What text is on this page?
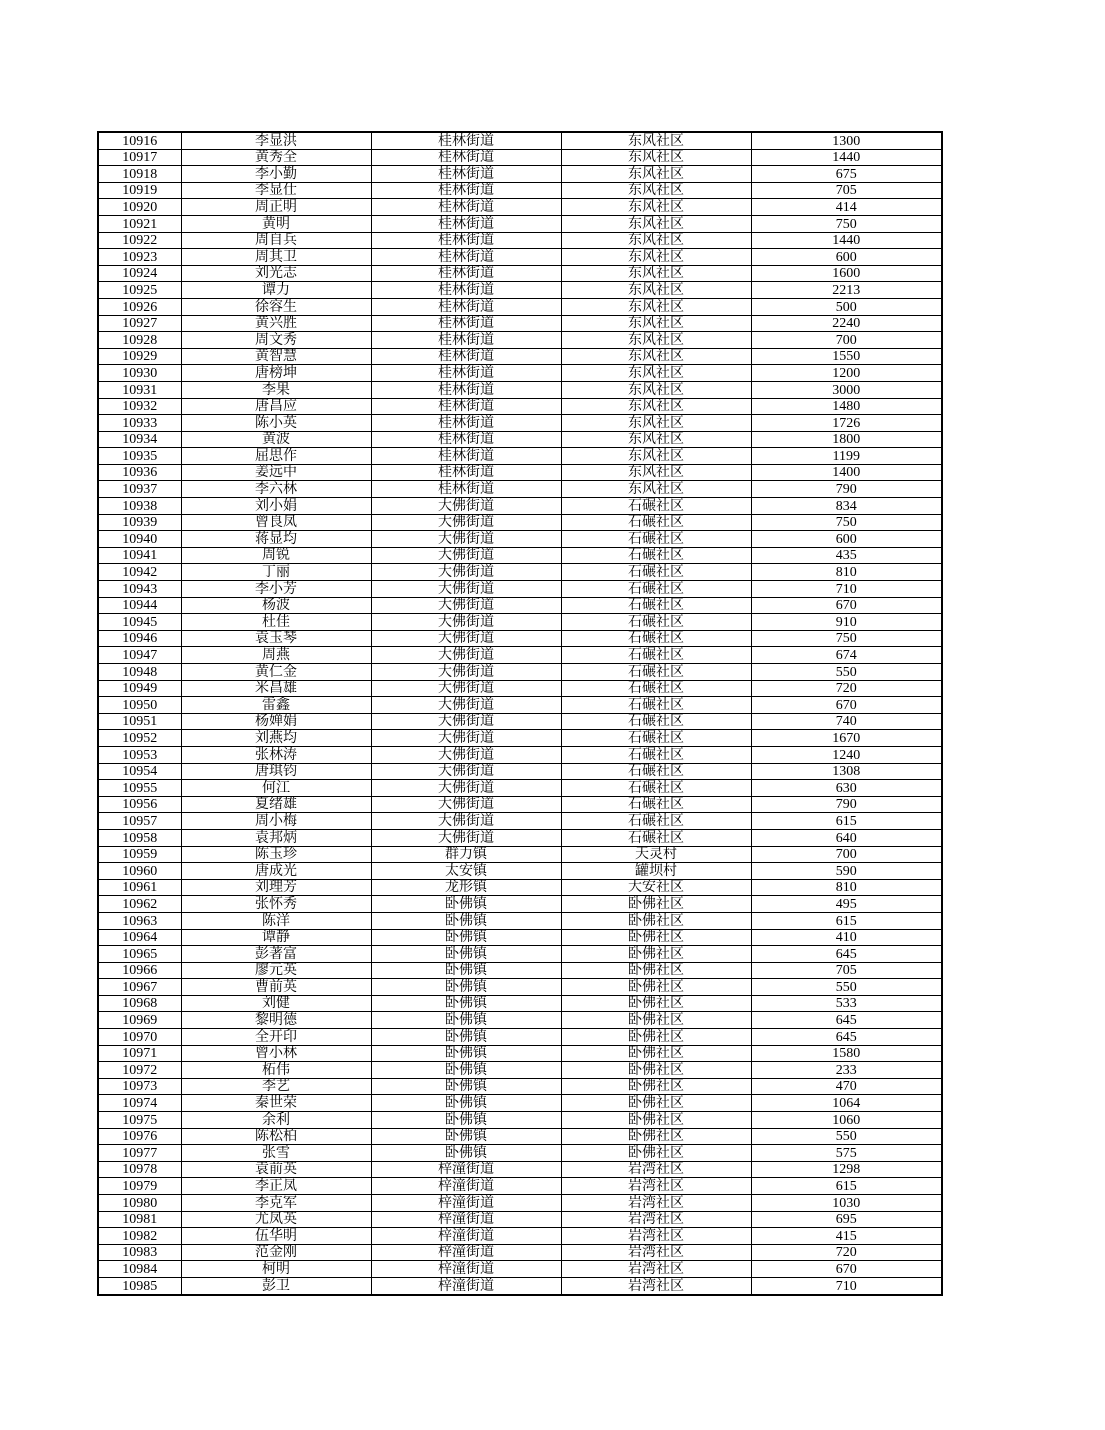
10916	李显洪	桂林街道	东风社区	1300
10917	黄秀全	桂林街道	东风社区	1440
10918	李小勤	桂林街道	东风社区	675
10919	李显仕	桂林街道	东风社区	705
10920	周正明	桂林街道	东风社区	414
10921	黄明	桂林街道	东风社区	750
10922	周自兵	桂林街道	东风社区	1440
10923	周其卫	桂林街道	东风社区	600
10924	刘光志	桂林街道	东风社区	1600
10925	谭力	桂林街道	东风社区	2213
10926	徐容生	桂林街道	东风社区	500
10927	黄兴胜	桂林街道	东风社区	2240
10928	周文秀	桂林街道	东风社区	700
10929	黄智慧	桂林街道	东风社区	1550
10930	唐榜坤	桂林街道	东风社区	1200
10931	李果	桂林街道	东风社区	3000
10932	唐昌应	桂林街道	东风社区	1480
10933	陈小英	桂林街道	东风社区	1726
10934	黄波	桂林街道	东风社区	1800
10935	屈思作	桂林街道	东风社区	1199
10936	姜远中	桂林街道	东风社区	1400
10937	李六林	桂林街道	东风社区	790
10938	刘小娟	大佛街道	石碾社区	834
10939	曾良凤	大佛街道	石碾社区	750
10940	蒋显均	大佛街道	石碾社区	600
10941	周锐	大佛街道	石碾社区	435
10942	丁丽	大佛街道	石碾社区	810
10943	李小芳	大佛街道	石碾社区	710
10944	杨波	大佛街道	石碾社区	670
10945	杜佳	大佛街道	石碾社区	910
10946	袁玉琴	大佛街道	石碾社区	750
10947	周燕	大佛街道	石碾社区	674
10948	黄仁金	大佛街道	石碾社区	550
10949	米昌雄	大佛街道	石碾社区	720
10950	雷鑫	大佛街道	石碾社区	670
10951	杨婵娟	大佛街道	石碾社区	740
10952	刘燕均	大佛街道	石碾社区	1670
10953	张林涛	大佛街道	石碾社区	1240
10954	唐琪钧	大佛街道	石碾社区	1308
10955	何江	大佛街道	石碾社区	630
10956	夏绪雄	大佛街道	石碾社区	790
10957	周小梅	大佛街道	石碾社区	615
10958	袁邦炳	大佛街道	石碾社区	640
10959	陈玉珍	群力镇	天灵村	700
10960	唐成光	太安镇	罐坝村	590
10961	刘理芳	龙形镇	大安社区	810
10962	张怀秀	卧佛镇	卧佛社区	495
10963	陈洋	卧佛镇	卧佛社区	615
10964	谭静	卧佛镇	卧佛社区	410
10965	彭著富	卧佛镇	卧佛社区	645
10966	廖元英	卧佛镇	卧佛社区	705
10967	曹前英	卧佛镇	卧佛社区	550
10968	刘健	卧佛镇	卧佛社区	533
10969	黎明德	卧佛镇	卧佛社区	645
10970	全开印	卧佛镇	卧佛社区	645
10971	曾小林	卧佛镇	卧佛社区	1580
10972	柘伟	卧佛镇	卧佛社区	233
10973	李艺	卧佛镇	卧佛社区	470
10974	秦世荣	卧佛镇	卧佛社区	1064
10975	余利	卧佛镇	卧佛社区	1060
10976	陈松柏	卧佛镇	卧佛社区	550
10977	张雪	卧佛镇	卧佛社区	575
10978	袁前英	梓潼街道	岩湾社区	1298
10979	李正凤	梓潼街道	岩湾社区	615
10980	李克军	梓潼街道	岩湾社区	1030
10981	尤凤英	梓潼街道	岩湾社区	695
10982	伍华明	梓潼街道	岩湾社区	415
10983	范金刚	梓潼街道	岩湾社区	720
10984	柯明	梓潼街道	岩湾社区	670
10985	彭卫	梓潼街道	岩湾社区	710
